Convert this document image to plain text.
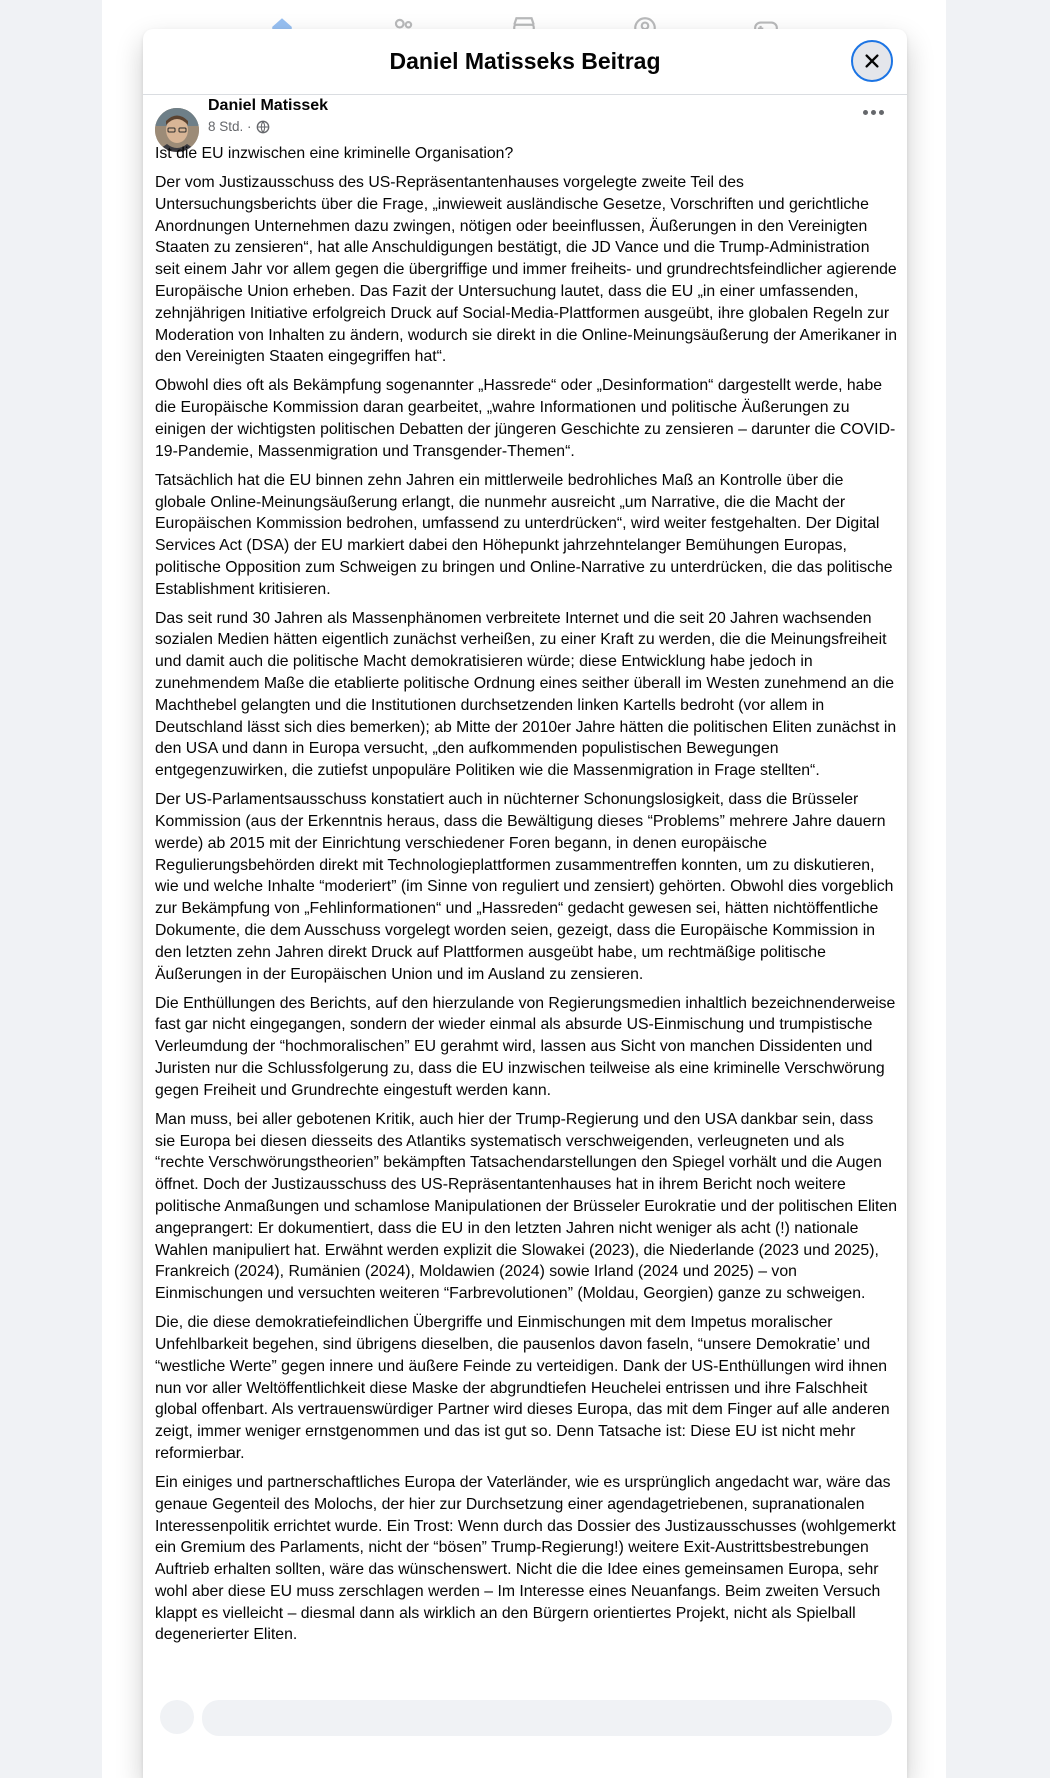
Daniel Matisseks Beitrag
Daniel Matissek
8 Std. ·

Ist die EU inzwischen eine kriminelle Organisation?

Der vom Justizausschuss des US-Repräsentantenhauses vorgelegte zweite Teil des Untersuchungsberichts über die Frage, „inwieweit ausländische Gesetze, Vorschriften und gerichtliche Anordnungen Unternehmen dazu zwingen, nötigen oder beeinflussen, Äußerungen in den Vereinigten Staaten zu zensieren“, hat alle Anschuldigungen bestätigt, die JD Vance und die Trump-Administration seit einem Jahr vor allem gegen die übergriffige und immer freiheits- und grundrechtsfeindlicher agierende Europäische Union erheben. Das Fazit der Untersuchung lautet, dass die EU „in einer umfassenden, zehnjährigen Initiative erfolgreich Druck auf Social-Media-Plattformen ausgeübt, ihre globalen Regeln zur Moderation von Inhalten zu ändern, wodurch sie direkt in die Online-Meinungsäußerung der Amerikaner in den Vereinigten Staaten eingegriffen hat“.

Obwohl dies oft als Bekämpfung sogenannter „Hassrede“ oder „Desinformation“ dargestellt werde, habe die Europäische Kommission daran gearbeitet, „wahre Informationen und politische Äußerungen zu einigen der wichtigsten politischen Debatten der jüngeren Geschichte zu zensieren – darunter die COVID-19-Pandemie, Massenmigration und Transgender-Themen“.

Tatsächlich hat die EU binnen zehn Jahren ein mittlerweile bedrohliches Maß an Kontrolle über die globale Online-Meinungsäußerung erlangt, die nunmehr ausreicht „um Narrative, die die Macht der Europäischen Kommission bedrohen, umfassend zu unterdrücken“, wird weiter festgehalten. Der Digital Services Act (DSA) der EU markiert dabei den Höhepunkt jahrzehntelanger Bemühungen Europas, politische Opposition zum Schweigen zu bringen und Online-Narrative zu unterdrücken, die das politische Establishment kritisieren.

Das seit rund 30 Jahren als Massenphänomen verbreitete Internet und die seit 20 Jahren wachsenden sozialen Medien hätten eigentlich zunächst verheißen, zu einer Kraft zu werden, die die Meinungsfreiheit und damit auch die politische Macht demokratisieren würde; diese Entwicklung habe jedoch in zunehmendem Maße die etablierte politische Ordnung eines seither überall im Westen zunehmend an die Machthebel gelangten und die Institutionen durchsetzenden linken Kartells bedroht (vor allem in Deutschland lässt sich dies bemerken); ab Mitte der 2010er Jahre hätten die politischen Eliten zunächst in den USA und dann in Europa versucht, „den aufkommenden populistischen Bewegungen entgegenzuwirken, die zutiefst unpopuläre Politiken wie die Massenmigration in Frage stellten“.

Der US-Parlamentsausschuss konstatiert auch in nüchterner Schonungslosigkeit, dass die Brüsseler Kommission (aus der Erkenntnis heraus, dass die Bewältigung dieses “Problems” mehrere Jahre dauern werde) ab 2015 mit der Einrichtung verschiedener Foren begann, in denen europäische Regulierungsbehörden direkt mit Technologieplattformen zusammentreffen konnten, um zu diskutieren, wie und welche Inhalte “moderiert” (im Sinne von reguliert und zensiert) gehörten. Obwohl dies vorgeblich zur Bekämpfung von „Fehlinformationen“ und „Hassreden“ gedacht gewesen sei, hätten nichtöffentliche Dokumente, die dem Ausschuss vorgelegt worden seien, gezeigt, dass die Europäische Kommission in den letzten zehn Jahren direkt Druck auf Plattformen ausgeübt habe, um rechtmäßige politische Äußerungen in der Europäischen Union und im Ausland zu zensieren.

Die Enthüllungen des Berichts, auf den hierzulande von Regierungsmedien inhaltlich bezeichnenderweise fast gar nicht eingegangen, sondern der wieder einmal als absurde US-Einmischung und trumpistische Verleumdung der “hochmoralischen” EU gerahmt wird, lassen aus Sicht von manchen Dissidenten und Juristen nur die Schlussfolgerung zu, dass die EU inzwischen teilweise als eine kriminelle Verschwörung gegen Freiheit und Grundrechte eingestuft werden kann.

Man muss, bei aller gebotenen Kritik, auch hier der Trump-Regierung und den USA dankbar sein, dass sie Europa bei diesen diesseits des Atlantiks systematisch verschweigenden, verleugneten und als “rechte Verschwörungstheorien” bekämpften Tatsachendarstellungen den Spiegel vorhält und die Augen öffnet. Doch der Justizausschuss des US-Repräsentantenhauses hat in ihrem Bericht noch weitere politische Anmaßungen und schamlose Manipulationen der Brüsseler Eurokratie und der politischen Eliten angeprangert: Er dokumentiert, dass die EU in den letzten Jahren nicht weniger als acht (!) nationale Wahlen manipuliert hat. Erwähnt werden explizit die Slowakei (2023), die Niederlande (2023 und 2025), Frankreich (2024), Rumänien (2024), Moldawien (2024) sowie Irland (2024 und 2025) – von Einmischungen und versuchten weiteren “Farbrevolutionen” (Moldau, Georgien) ganze zu schweigen.

Die, die diese demokratiefeindlichen Übergriffe und Einmischungen mit dem Impetus moralischer Unfehlbarkeit begehen, sind übrigens dieselben, die pausenlos davon faseln, “unsere Demokratie’ und “westliche Werte” gegen innere und äußere Feinde zu verteidigen. Dank der US-Enthüllungen wird ihnen nun vor aller Weltöffentlichkeit diese Maske der abgrundtiefen Heuchelei entrissen und ihre Falschheit global offenbart. Als vertrauenswürdiger Partner wird dieses Europa, das mit dem Finger auf alle anderen zeigt, immer weniger ernstgenommen und das ist gut so. Denn Tatsache ist: Diese EU ist nicht mehr reformierbar.

Ein einiges und partnerschaftliches Europa der Vaterländer, wie es ursprünglich angedacht war, wäre das genaue Gegenteil des Molochs, der hier zur Durchsetzung einer agendagetriebenen, supranationalen Interessenpolitik errichtet wurde. Ein Trost: Wenn durch das Dossier des Justizausschusses (wohlgemerkt ein Gremium des Parlaments, nicht der “bösen” Trump-Regierung!) weitere Exit-Austrittsbestrebungen Auftrieb erhalten sollten, wäre das wünschenswert. Nicht die die Idee eines gemeinsamen Europa, sehr wohl aber diese EU muss zerschlagen werden – Im Interesse eines Neuanfangs. Beim zweiten Versuch klappt es vielleicht – diesmal dann als wirklich an den Bürgern orientiertes Projekt, nicht als Spielball degenerierter Eliten.
